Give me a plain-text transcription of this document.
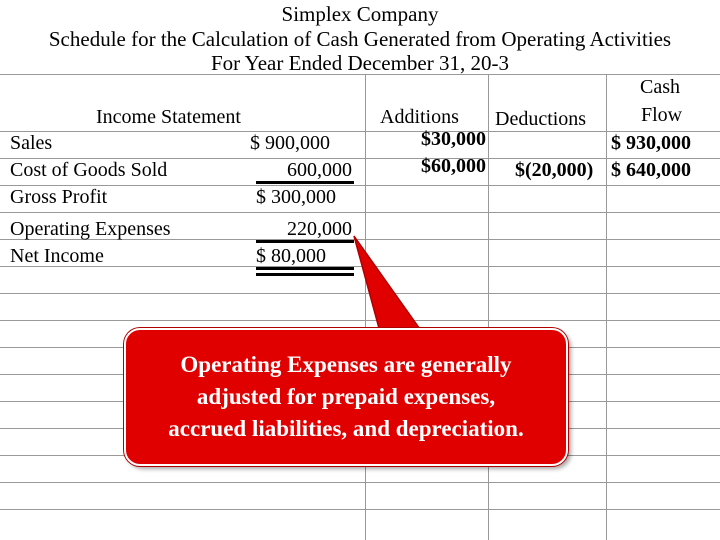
Simplex Company
Schedule for the Calculation of Cash Generated from Operating Activities
For Year Ended December 31, 20-3
Income Statement	Additions Deductions
Cash
Flow
Sales
Cost of Goods Sold
Gross Profit
Operating Expenses
Net Income
$ 900,000
600,000
$ 300,000
220,000
$ 80,000
$30,000
$60,000 $(20,000)
$ 930,000
$ 640,000
Operating Expenses are generally
adjusted for prepaid expenses,
accrued liabilities, and depreciation.
